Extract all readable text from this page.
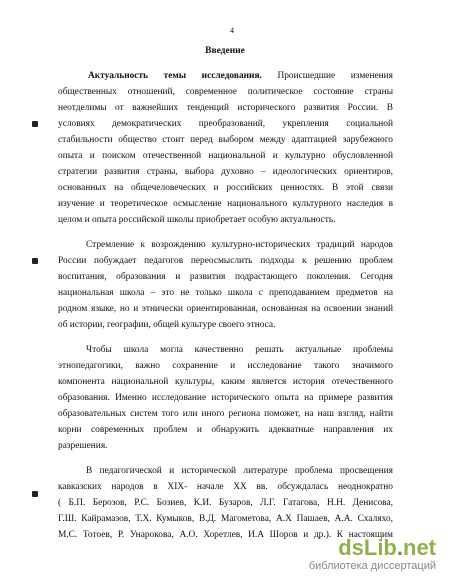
4
Введение
Актуальность темы исследования. Происшедшие изменения
общественных отношений, современное политическое состояние страны
неотделимы от важнейших тенденций исторического развития России. В
условиях демократических преобразований, укрепления социальной
стабильности общество стоит перед выбором между адаптацией зарубежного
опыта и поиском отечественной национальной и культурно обусловленной
стратегии развития страны, выбора духовно – идеологических ориентиров,
основанных на общечеловеческих и российских ценностях. В этой связи
изучение и теоретическое осмысление национального культурного наследия в
целом и опыта российской школы приобретает особую актуальность.
Стремление к возрождению культурно-исторических традиций народов
России побуждает педагогов переосмыслить подходы к решению проблем
воспитания, образования и развития подрастающего поколения. Сегодня
национальная школа – это не только школа с преподаванием предметов на
родном языке, но и этнически ориентированная, основанная на освоении знаний
об истории, географии, общей культуре своего этноса.
Чтобы школа могла качественно решать актуальные проблемы
этнопедагогики, важно сохранение и исследование такого значимого
компонента национальной культуры, каким является история отечественного
образования. Именно исследование исторического опыта на примере развития
образовательных систем того или иного региона поможет, на наш взгляд, найти
корни современных проблем и обнаружить адекватные направления их
разрешения.
В педагогической и исторической литературе проблема просвещения
кавказских народов в XIX- начале XX вв. обсуждалась неоднократно
( Б.П. Берозов, Р.С. Бозиев, К.И. Бузаров, Л.Г. Гатагова, Н.Н. Денисова,
Г.Ш. Кайрамазов, Т.Х. Кумыков, В.Д. Магометова, А.Х Пашаев, А.А. Схаляхо,
М.С. Тотоев, Р. Унарокова, А.О. Хоретлев, И.А Шоров и др.). К настоящим
dsLib.net
библиотека диссертаций
